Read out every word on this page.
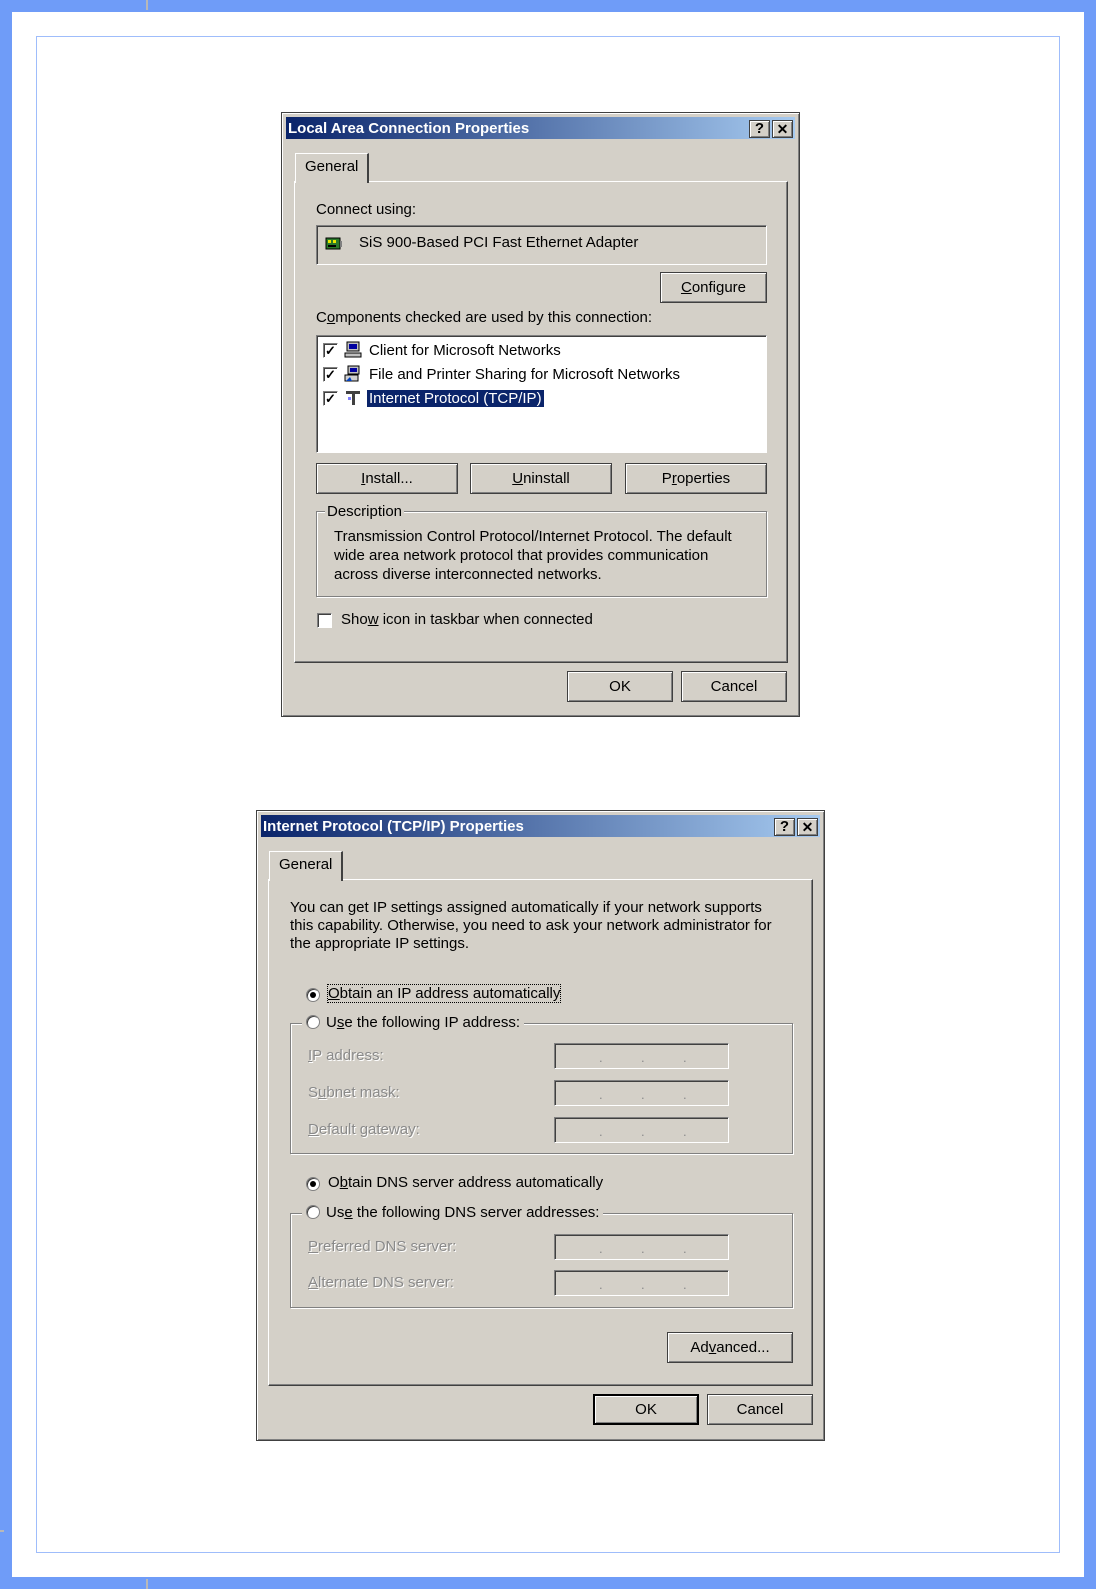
Local Area Connection Properties	? ✕
General
Connect using:
SiS 900-Based PCI Fast Ethernet Adapter
Configure
Components checked are used by this connection:
✓ Client for Microsoft Networks
✓ File and Printer Sharing for Microsoft Networks
✓ Internet Protocol (TCP/IP)
Install...	Uninstall	Properties
Description
Transmission Control Protocol/Internet Protocol. The default
wide area network protocol that provides communication
across diverse interconnected networks.
Show icon in taskbar when connected
OK	Cancel
Internet Protocol (TCP/IP) Properties	? ✕
General
You can get IP settings assigned automatically if your network supports
this capability. Otherwise, you need to ask your network administrator for
the appropriate IP settings.
Obtain an IP address automatically
Use the following IP address:
IP address:	.	.	.
Subnet mask:	.	.	.
Default gateway:	.	.	.
Obtain DNS server address automatically
Use the following DNS server addresses:
Preferred DNS server:	.	.	.
Alternate DNS server:	.	.	.
Advanced...
OK	Cancel
